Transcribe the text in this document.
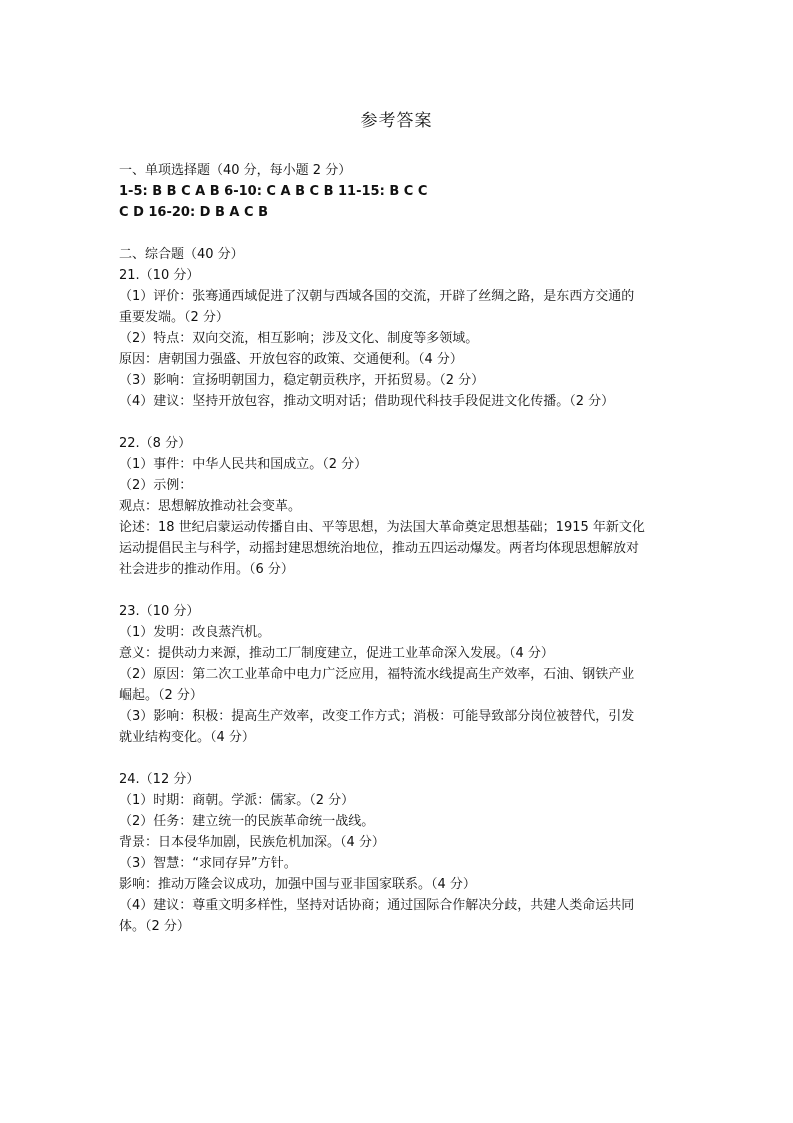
参考答案
一、单项选择题（40 分，每小题 2 分）
1-5: B B C A B 6-10: C A B C B 11-15: B C C
C D 16-20: D B A C B
二、综合题（40 分）
21.（10 分）
（1）评价：张骞通西域促进了汉朝与西域各国的交流，开辟了丝绸之路，是东西方交通的
重要发端。（2 分）
（2）特点：双向交流，相互影响；涉及文化、制度等多领域。
原因：唐朝国力强盛、开放包容的政策、交通便利。（4 分）
（3）影响：宣扬明朝国力，稳定朝贡秩序，开拓贸易。（2 分）
（4）建议：坚持开放包容，推动文明对话；借助现代科技手段促进文化传播。（2 分）
22.（8 分）
（1）事件：中华人民共和国成立。（2 分）
（2）示例：
观点：思想解放推动社会变革。
论述：18 世纪启蒙运动传播自由、平等思想，为法国大革命奠定思想基础；1915 年新文化
运动提倡民主与科学，动摇封建思想统治地位，推动五四运动爆发。两者均体现思想解放对
社会进步的推动作用。（6 分）
23.（10 分）
（1）发明：改良蒸汽机。
意义：提供动力来源，推动工厂制度建立，促进工业革命深入发展。（4 分）
（2）原因：第二次工业革命中电力广泛应用，福特流水线提高生产效率，石油、钢铁产业
崛起。（2 分）
（3）影响：积极：提高生产效率，改变工作方式；消极：可能导致部分岗位被替代，引发
就业结构变化。（4 分）
24.（12 分）
（1）时期：商朝。学派：儒家。（2 分）
（2）任务：建立统一的民族革命统一战线。
背景：日本侵华加剧，民族危机加深。（4 分）
（3）智慧：“求同存异”方针。
影响：推动万隆会议成功，加强中国与亚非国家联系。（4 分）
（4）建议：尊重文明多样性，坚持对话协商；通过国际合作解决分歧，共建人类命运共同
体。（2 分）
